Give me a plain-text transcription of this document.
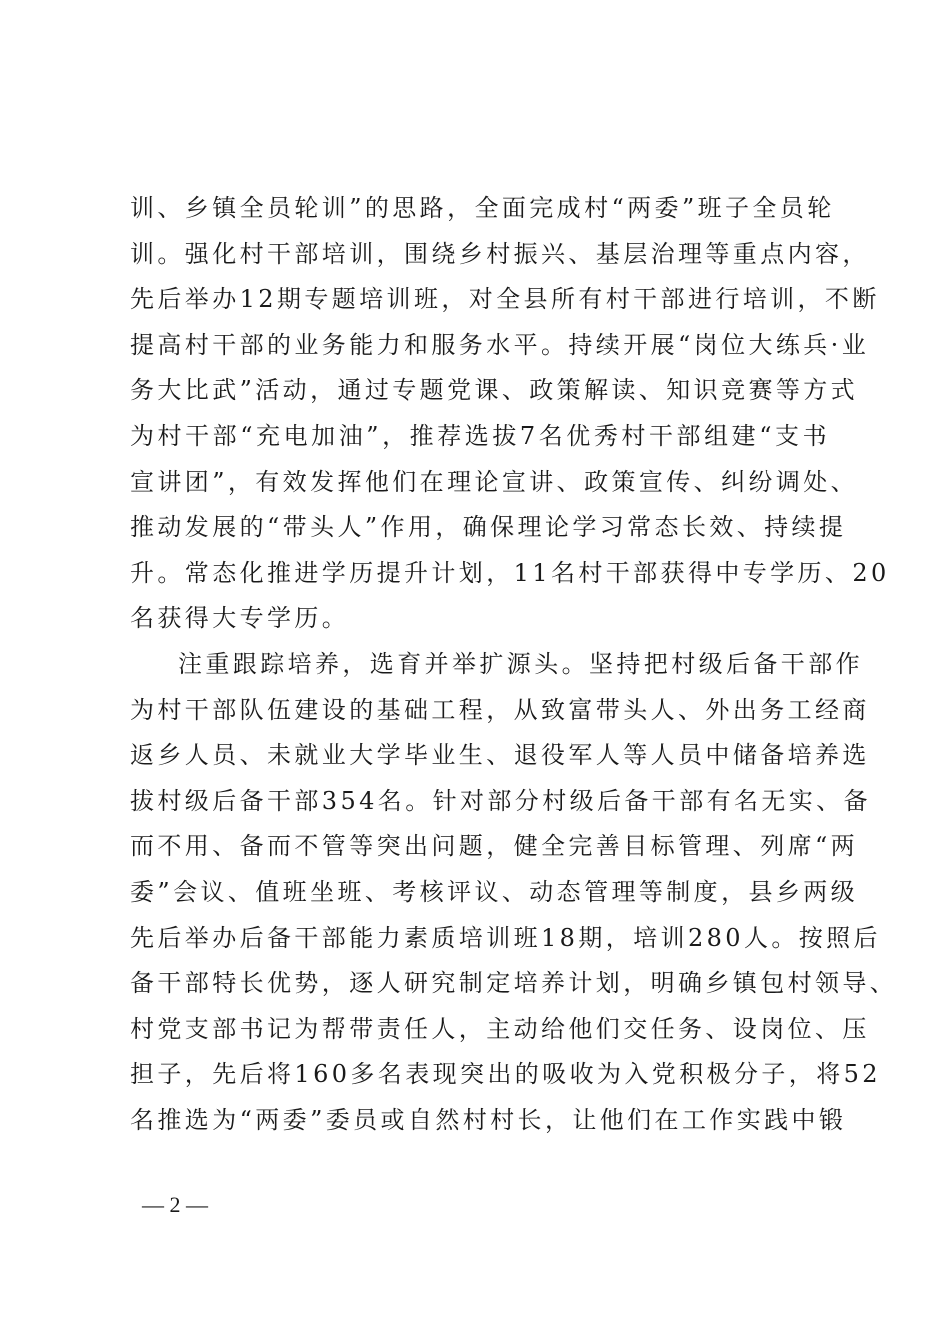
训、乡镇全员轮训”的思路，全面完成村“两委”班子全员轮
训。强化村干部培训，围绕乡村振兴、基层治理等重点内容，
先后举办12期专题培训班，对全县所有村干部进行培训，不断
提高村干部的业务能力和服务水平。持续开展“岗位大练兵·业
务大比武”活动，通过专题党课、政策解读、知识竞赛等方式
为村干部“充电加油”，推荐选拔7名优秀村干部组建“支书
宣讲团”，有效发挥他们在理论宣讲、政策宣传、纠纷调处、
推动发展的“带头人”作用，确保理论学习常态长效、持续提
升。常态化推进学历提升计划，11名村干部获得中专学历、20
名获得大专学历。
注重跟踪培养，选育并举扩源头。坚持把村级后备干部作
为村干部队伍建设的基础工程，从致富带头人、外出务工经商
返乡人员、未就业大学毕业生、退役军人等人员中储备培养选
拔村级后备干部354名。针对部分村级后备干部有名无实、备
而不用、备而不管等突出问题，健全完善目标管理、列席“两
委”会议、值班坐班、考核评议、动态管理等制度，县乡两级
先后举办后备干部能力素质培训班18期，培训280人。按照后
备干部特长优势，逐人研究制定培养计划，明确乡镇包村领导、
村党支部书记为帮带责任人，主动给他们交任务、设岗位、压
担子，先后将160多名表现突出的吸收为入党积极分子，将52
名推选为“两委”委员或自然村村长，让他们在工作实践中锻
— 2 —
